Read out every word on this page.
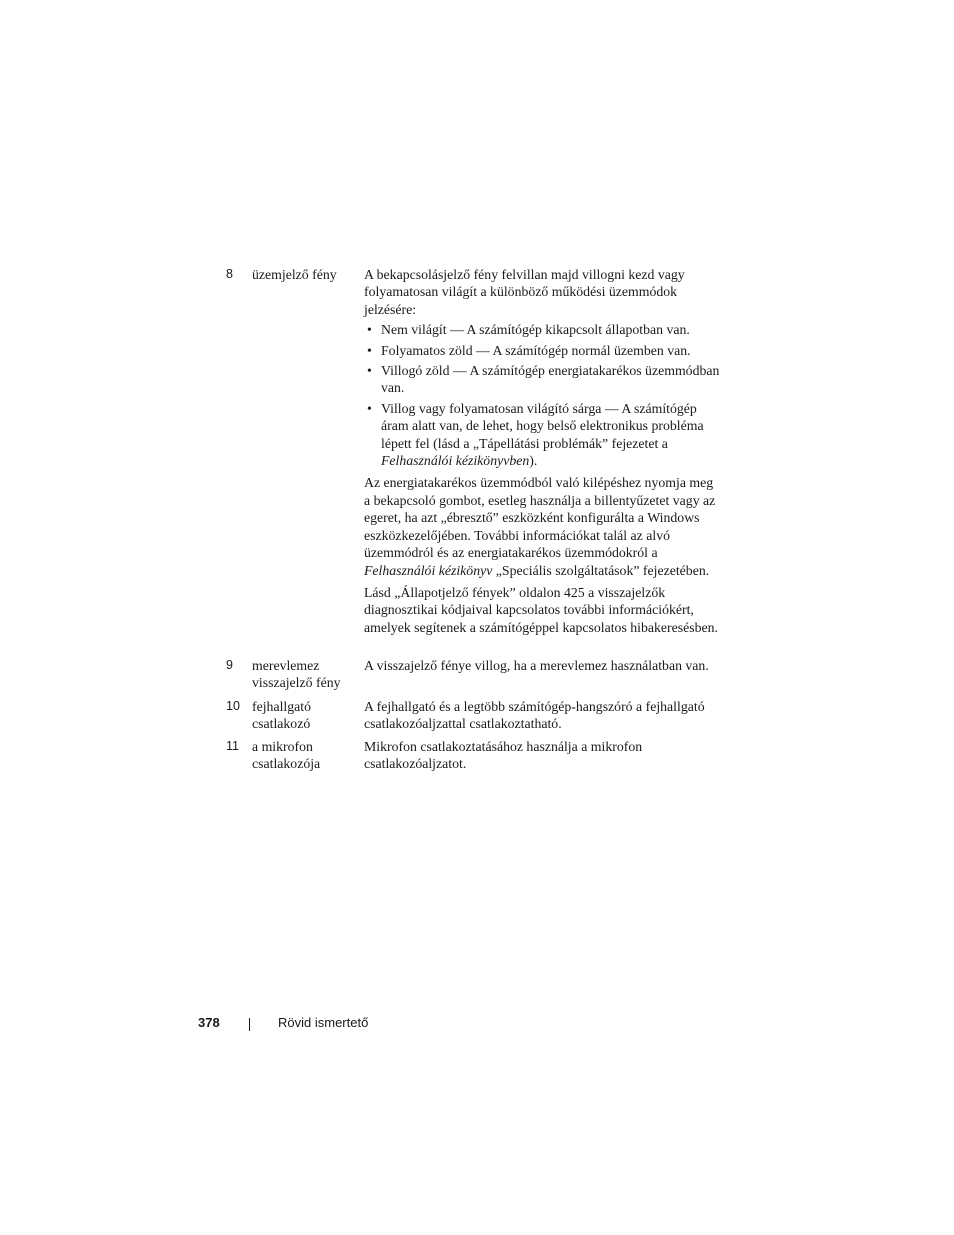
8 üzemjelző fény	A bekapcsolásjelző fény felvillan majd villogni kezd vagy folyamatosan világít a különböző működési üzemmódok jelzésére:

• Nem világít — A számítógép kikapcsolt állapotban van.
• Folyamatos zöld — A számítógép normál üzemben van.
• Villogó zöld — A számítógép energiatakarékos üzemmódban van.
• Villog vagy folyamatosan világító sárga — A számítógép áram alatt van, de lehet, hogy belső elektronikus probléma lépett fel (lásd a „Tápellátási problémák” fejezetet a Felhasználói kézikönyvben).

Az energiatakarékos üzemmódból való kilépéshez nyomja meg a bekapcsoló gombot, esetleg használja a billentyűzetet vagy az egeret, ha azt „ébresztő” eszközként konfigurálta a Windows eszközkezelőjében. További információkat talál az alvó üzemmódról és az energiatakarékos üzemmódokról a Felhasználói kézikönyv „Speciális szolgáltatások” fejezetében.

Lásd „Állapotjelző fények” oldalon 425 a visszajelzők diagnosztikai kódjaival kapcsolatos további információkért, amelyek segítenek a számítógéppel kapcsolatos hibakeresésben.

9 merevlemez visszajelző fény
A visszajelző fénye villog, ha a merevlemez használatban van.
10 fejhallgató csatlakozó
A fejhallgató és a legtöbb számítógép-hangszóró a fejhallgató csatlakozóaljzattal csatlakoztatható.
11 a mikrofon csatlakozója
Mikrofon csatlakoztatásához használja a mikrofon csatlakozóaljzatot.
378	Rövid ismertető
